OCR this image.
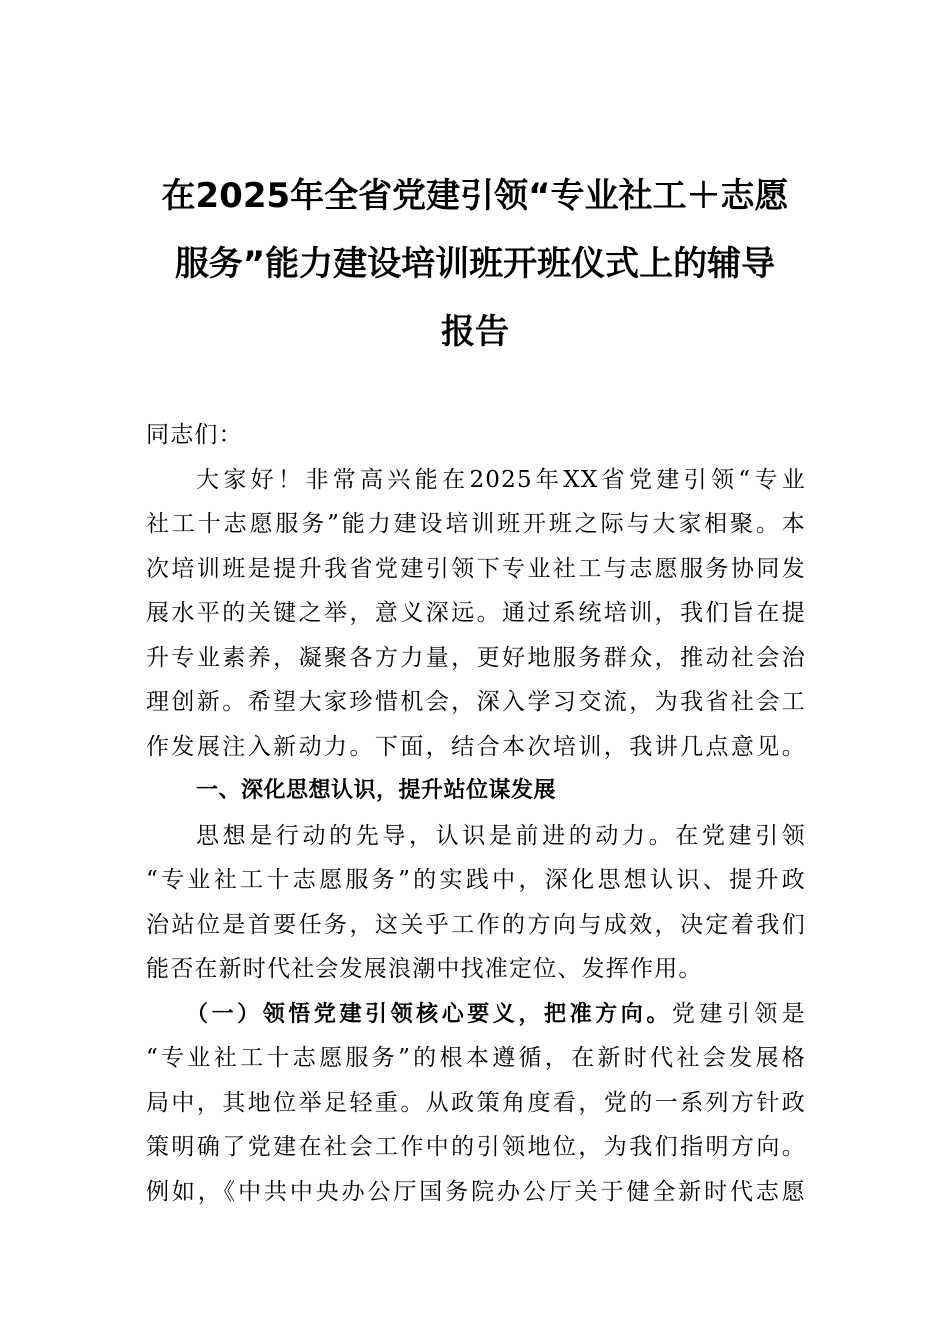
在2025年全省党建引领“专业社工＋志愿
服务”能力建设培训班开班仪式上的辅导
报告
同志们：
大家好！非常高兴能在2025年XX省党建引领“专业
社工十志愿服务”能力建设培训班开班之际与大家相聚。本
次培训班是提升我省党建引领下专业社工与志愿服务协同发
展水平的关键之举，意义深远。通过系统培训，我们旨在提
升专业素养，凝聚各方力量，更好地服务群众，推动社会治
理创新。希望大家珍惜机会，深入学习交流，为我省社会工
作发展注入新动力。下面，结合本次培训，我讲几点意见。
一、深化思想认识，提升站位谋发展
思想是行动的先导，认识是前进的动力。在党建引领
“专业社工十志愿服务”的实践中，深化思想认识、提升政
治站位是首要任务，这关乎工作的方向与成效，决定着我们
能否在新时代社会发展浪潮中找准定位、发挥作用。
（一）领悟党建引领核心要义，把准方向。党建引领是
“专业社工十志愿服务”的根本遵循，在新时代社会发展格
局中，其地位举足轻重。从政策角度看，党的一系列方针政
策明确了党建在社会工作中的引领地位，为我们指明方向。
例如，《中共中央办公厅国务院办公厅关于健全新时代志愿
